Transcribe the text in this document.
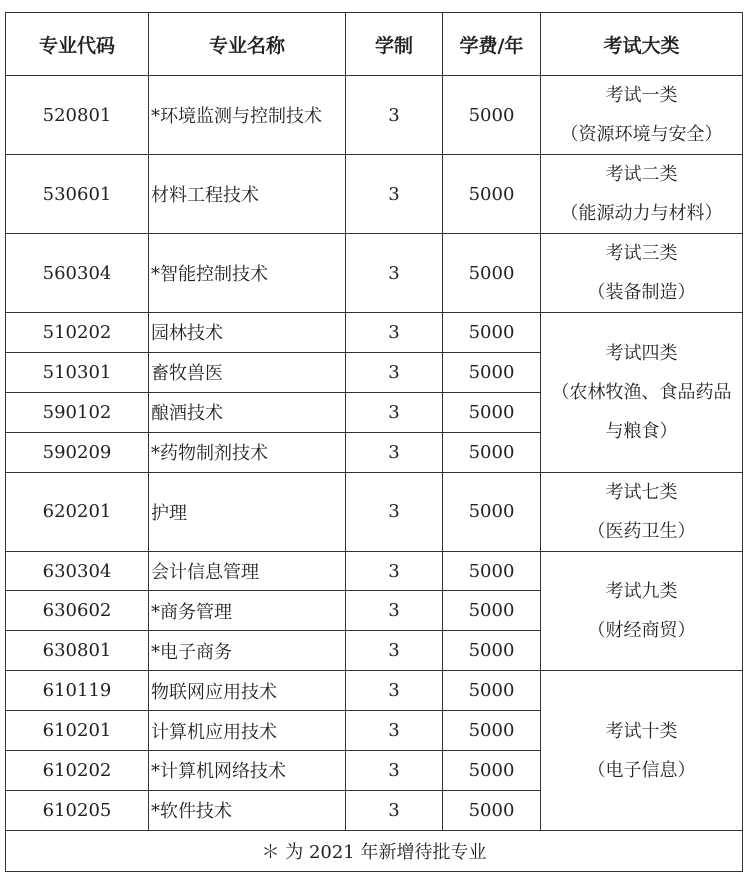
专业代码	专业名称	学制	学费/年	考试大类
520801	*环境监测与控制技术	3	5000	考试一类
（资源环境与安全）

530601	材料工程技术	3	5000	考试二类
（能源动力与材料）

560304	*智能控制技术	3	5000	考试三类
（装备制造）

510202	园林技术	3	5000	考试四类
（农林牧渔、食品药品
与粮食）

510301	畜牧兽医	3	5000	
590102	酿酒技术	3	5000	
590209	*药物制剂技术	3	5000	
620201	护理	3	5000	考试七类
（医药卫生）

630304	会计信息管理	3	5000	考试九类
（财经商贸）

630602	*商务管理	3	5000	
630801	*电子商务	3	5000	
610119	物联网应用技术	3	5000	考试十类
（电子信息）

610201	计算机应用技术	3	5000	
610202	*计算机网络技术	3	5000	
610205	*软件技术	3	5000	
＊ 为 2021 年新增待批专业				
